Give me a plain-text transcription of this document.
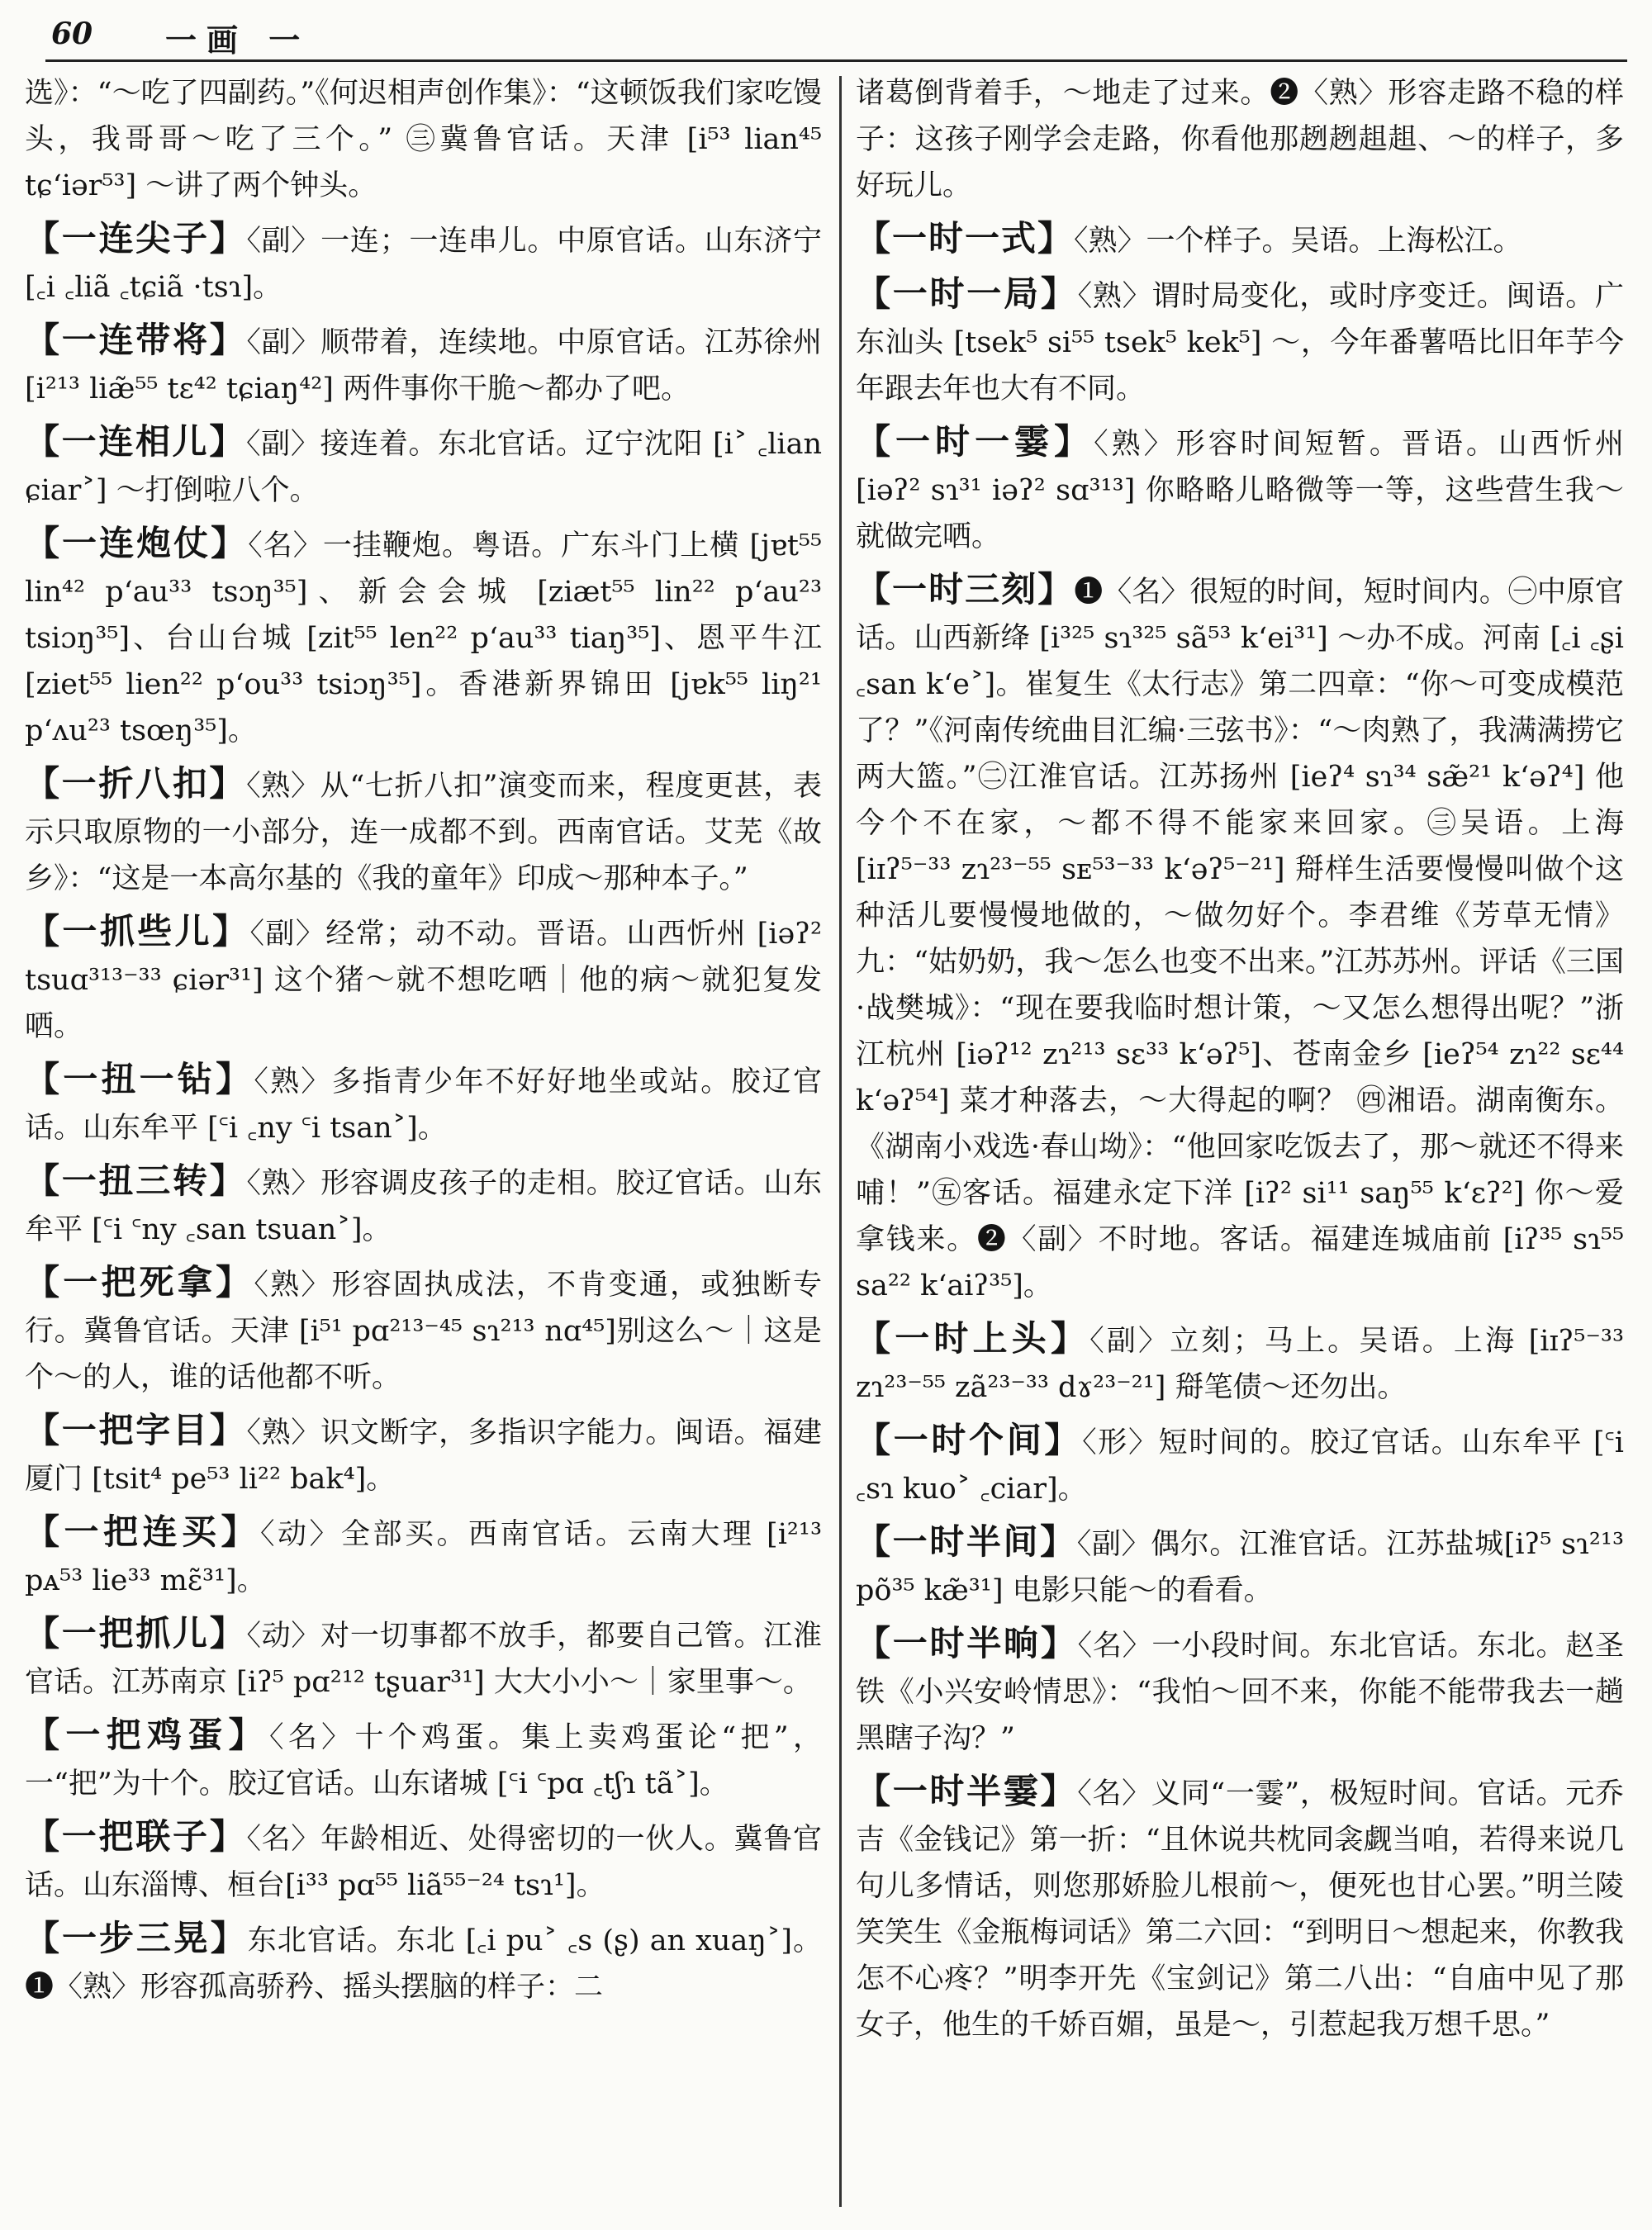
60 一画 一

选》：“～吃了四副药。”《何迟相声创作集》：“这顿饭我们家吃馒头，我哥哥～吃了三个。” ㊂冀鲁官话。天津 [i⁵³ lian⁴⁵ tɕ‘iər⁵³] ～讲了两个钟头。

【一连尖子】〈副〉一连；一连串儿。中原官话。山东济宁 [꜀i ꜀liã ꜀tɕiã ·tsɿ]。

【一连带将】〈副〉顺带着，连续地。中原官话。江苏徐州 [i²¹³ liæ̃⁵⁵ tɛ⁴² tɕiaŋ⁴²] 两件事你干脆～都办了吧。

【一连相儿】〈副〉接连着。东北官话。辽宁沈阳 [i˃ ꜀lian ɕiar˃] ～打倒啦八个。

【一连炮仗】〈名〉一挂鞭炮。粤语。广东斗门上横 [jɐt⁵⁵ lin⁴² p‘au³³ tsɔŋ³⁵]、新会会城 [ziæt⁵⁵ lin²² p‘au²³ tsiɔŋ³⁵]、台山台城 [zit⁵⁵ len²² p‘au³³ tiaŋ³⁵]、恩平牛江 [ziet⁵⁵ lien²² p‘ou³³ tsiɔŋ³⁵]。香港新界锦田 [jɐk⁵⁵ liŋ²¹ p‘ʌu²³ tsœŋ³⁵]。

【一折八扣】〈熟〉从“七折八扣”演变而来，程度更甚，表示只取原物的一小部分，连一成都不到。西南官话。艾芜《故乡》：“这是一本高尔基的《我的童年》印成～那种本子。”

【一抓些儿】〈副〉经常；动不动。晋语。山西忻州 [iəʔ² tsuɑ³¹³⁻³³ ɕiər³¹] 这个猪～就不想吃哂｜他的病～就犯复发哂。

【一扭一钻】〈熟〉多指青少年不好好地坐或站。胶辽官话。山东牟平 [꜂i ꜀ny ꜂i tsan˃]。

【一扭三转】〈熟〉形容调皮孩子的走相。胶辽官话。山东牟平 [꜂i ꜂ny ꜀san tsuan˃]。

【一把死拿】〈熟〉形容固执成法，不肯变通，或独断专行。冀鲁官话。天津 [i⁵¹ pɑ²¹³⁻⁴⁵ sɿ²¹³ nɑ⁴⁵]别这么～｜这是个～的人，谁的话他都不听。

【一把字目】〈熟〉识文断字，多指识字能力。闽语。福建厦门 [tsit⁴ pe⁵³ li²² bak⁴]。

【一把连买】〈动〉全部买。西南官话。云南大理 [i²¹³ pᴀ⁵³ lie³³ mɛ̃³¹]。

【一把抓儿】〈动〉对一切事都不放手，都要自己管。江淮官话。江苏南京 [iʔ⁵ pɑ²¹² tʂuar³¹] 大大小小～｜家里事～。

【一把鸡蛋】〈名〉十个鸡蛋。集上卖鸡蛋论“把”，一“把”为十个。胶辽官话。山东诸城 [꜂i ꜂pɑ ꜀tʃɿ tã˃]。

【一把联子】〈名〉年龄相近、处得密切的一伙人。冀鲁官话。山东淄博、桓台[i³³ pɑ⁵⁵ liã⁵⁵⁻²⁴ tsɿ¹]。

【一步三晃】东北官话。东北 [꜀i pu˃ ꜀s (ʂ) an xuaŋ˃]。❶〈熟〉形容孤高骄矜、摇头摆脑的样子：二

诸葛倒背着手，～地走了过来。❷〈熟〉形容走路不稳的样子：这孩子刚学会走路，你看他那趔趔趄趄、～的样子，多好玩儿。

【一时一式】〈熟〉一个样子。吴语。上海松江。

【一时一局】〈熟〉谓时局变化，或时序变迁。闽语。广东汕头 [tsek⁵ si⁵⁵ tsek⁵ kek⁵] ～，今年番薯唔比旧年芋今年跟去年也大有不同。

【一时一霎】〈熟〉形容时间短暂。晋语。山西忻州 [iəʔ² sɿ³¹ iəʔ² sɑ³¹³] 你略略儿略微等一等，这些营生我～就做完哂。

【一时三刻】❶〈名〉很短的时间，短时间内。㊀中原官话。山西新绛 [i³²⁵ sɿ³²⁵ sã⁵³ k‘ei³¹] ～办不成。河南 [꜀i ꜀ʂi ꜀san k‘e˃]。崔复生《太行志》第二四章：“你～可变成模范了？”《河南传统曲目汇编·三弦书》：“～肉熟了，我满满捞它两大篮。”㊁江淮官话。江苏扬州 [ieʔ⁴ sɿ³⁴ sæ̃²¹ k‘əʔ⁴] 他今个不在家，～都不得不能家来回家。㊂吴语。上海 [iɪʔ⁵⁻³³ zɿ²³⁻⁵⁵ sᴇ⁵³⁻³³ k‘əʔ⁵⁻²¹] 搿样生活要慢慢叫做个这种活儿要慢慢地做的，～做勿好个。李君维《芳草无情》九：“姑奶奶，我～怎么也变不出来。”江苏苏州。评话《三国·战樊城》：“现在要我临时想计策，～又怎么想得出呢？”浙江杭州 [iəʔ¹² zɿ²¹³ sɛ³³ k‘əʔ⁵]、苍南金乡 [ieʔ⁵⁴ zɿ²² sɛ⁴⁴ k‘əʔ⁵⁴] 菜才种落去，～大得起的啊？ ㊃湘语。湖南衡东。《湖南小戏选·春山坳》：“他回家吃饭去了，那～就还不得来哺！”㊄客话。福建永定下洋 [iʔ² si¹¹ saŋ⁵⁵ k‘ɛʔ²] 你～爱拿钱来。❷〈副〉不时地。客话。福建连城庙前 [iʔ³⁵ sɿ⁵⁵ sa²² k‘aiʔ³⁵]。

【一时上头】〈副〉立刻；马上。吴语。上海 [iɪʔ⁵⁻³³ zɿ²³⁻⁵⁵ zã²³⁻³³ dɤ²³⁻²¹] 搿笔债～还勿出。

【一时个间】〈形〉短时间的。胶辽官话。山东牟平 [꜂i ꜀sɿ kuo˃ ꜀ciar]。

【一时半间】〈副〉偶尔。江淮官话。江苏盐城[iʔ⁵ sɿ²¹³ põ³⁵ kæ̃³¹] 电影只能～的看看。

【一时半晌】〈名〉一小段时间。东北官话。东北。赵圣铁《小兴安岭情思》：“我怕～回不来，你能不能带我去一趟黑瞎子沟？”

【一时半霎】〈名〉义同“一霎”，极短时间。官话。元乔吉《金钱记》第一折：“且休说共枕同衾觑当咱，若得来说几句儿多情话，则您那娇脸儿根前～，便死也甘心罢。”明兰陵笑笑生《金瓶梅词话》第二六回：“到明日～想起来，你教我怎不心疼？”明李开先《宝剑记》第二八出：“自庙中见了那女子，他生的千娇百媚，虽是～，引惹起我万想千思。”
